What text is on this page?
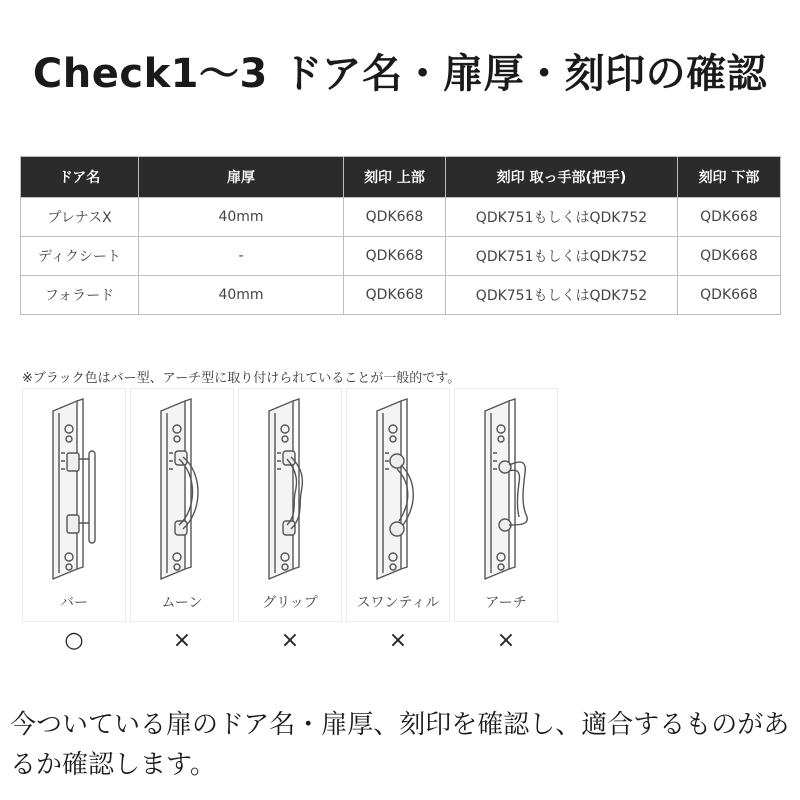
Check1～3 ドア名・扉厚・刻印の確認
ドア名	扉厚	刻印 上部	刻印 取っ手部(把手)	刻印 下部
プレナスX	40mm	QDK668	QDK751もしくはQDK752	QDK668
ディクシート	-	QDK668	QDK751もしくはQDK752	QDK668
フォラード	40mm	QDK668	QDK751もしくはQDK752	QDK668
※ブラック色はバー型、アーチ型に取り付けられていることが一般的です。
バー	ムーン	グリップ	スワンティル	アーチ
○	×	×	×	×
今ついている扉のドア名・扉厚、刻印を確認し、適合するものがあるか確認します。
